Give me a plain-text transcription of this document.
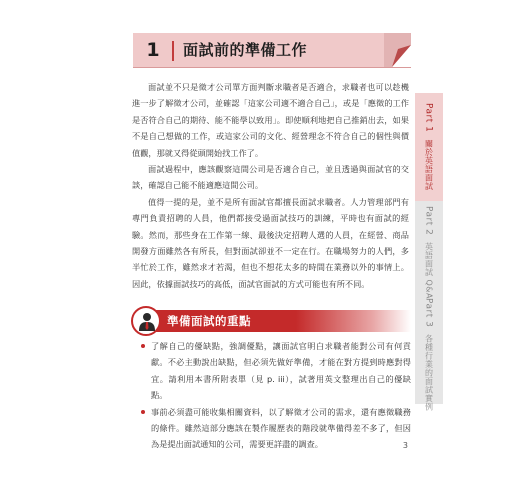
1 面試前的準備工作

面試並不只是徵才公司單方面判斷求職者是否適合，求職者也可以趁機進一步了解徵才公司，並確認「這家公司適不適合自己」，或是「應徵的工作是否符合自己的期待、能不能學以致用」。即使順利地把自己推銷出去，如果不是自己想做的工作，或這家公司的文化、經營理念不符合自己的個性與價值觀，那就又得從頭開始找工作了。

面試過程中，應該觀察這間公司是否適合自己，並且透過與面試官的交談，確認自己能不能適應這間公司。

值得一提的是，並不是所有面試官都擅長面試求職者。人力管理部門有專門負責招聘的人員，他們都接受過面試技巧的訓練，平時也有面試的經驗。然而，那些身在工作第一線、最後決定招聘人選的人員，在經營、商品開發方面雖然各有所長，但對面試卻並不一定在行。在職場努力的人們，多半忙於工作，雖然求才若渴，但也不想花太多的時間在業務以外的事情上。因此，依據面試技巧的高低，面試官面試的方式可能也有所不同。

準備面試的重點
了解自己的優缺點，強調優點，讓面試官明白求職者能對公司有何貢獻。不必主動說出缺點，但必須先做好準備，才能在對方提到時應對得宜。請利用本書所附表單（見 p. iii），試著用英文整理出自己的優缺點。
事前必須盡可能收集相關資料，以了解徵才公司的需求，還有應徵職務的條件。雖然這部分應該在製作履歷表的階段就準備得差不多了，但因為是提出面試通知的公司，需要更詳盡的調查。
Part 1 關於英語面試
Part 2 英語面試 Q&A
Part 3 各種行業的面試實例
3
